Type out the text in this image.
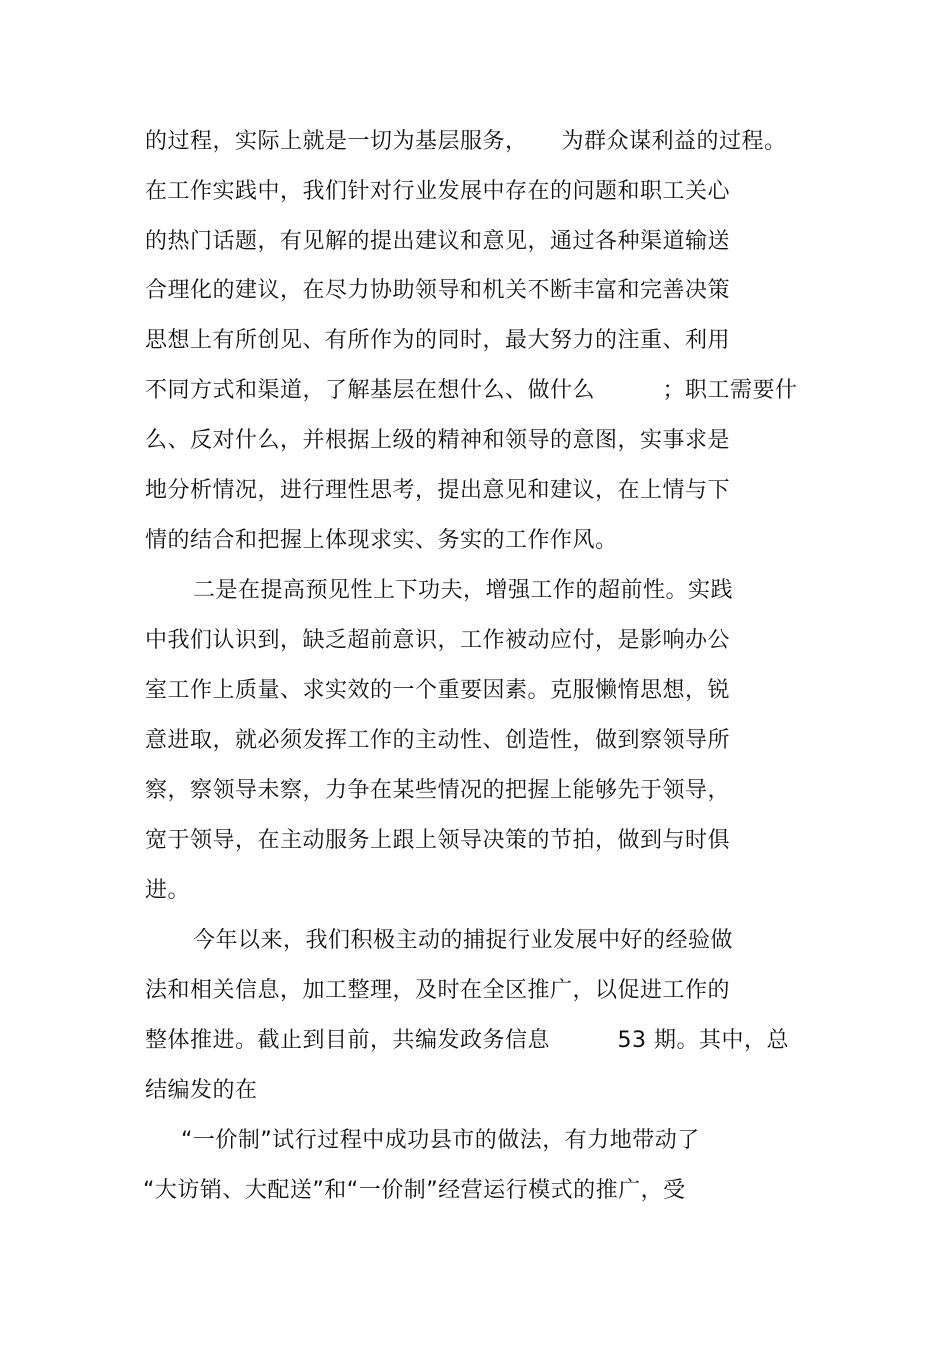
的过程，实际上就是一切为基层服务，　　为群众谋利益的过程。
在工作实践中，我们针对行业发展中存在的问题和职工关心
的热门话题，有见解的提出建议和意见，通过各种渠道输送
合理化的建议，在尽力协助领导和机关不断丰富和完善决策
思想上有所创见、有所作为的同时，最大努力的注重、利用
不同方式和渠道，了解基层在想什么、做什么　　　；职工需要什
么、反对什么，并根据上级的精神和领导的意图，实事求是
地分析情况，进行理性思考，提出意见和建议，在上情与下
情的结合和把握上体现求实、务实的工作作风。
二是在提高预见性上下功夫，增强工作的超前性。实践
中我们认识到，缺乏超前意识，工作被动应付，是影响办公
室工作上质量、求实效的一个重要因素。克服懒惰思想，锐
意进取，就必须发挥工作的主动性、创造性，做到察领导所
察，察领导未察，力争在某些情况的把握上能够先于领导，
宽于领导，在主动服务上跟上领导决策的节拍，做到与时俱
进。
今年以来，我们积极主动的捕捉行业发展中好的经验做
法和相关信息，加工整理，及时在全区推广，以促进工作的
整体推进。截止到目前，共编发政务信息　　　53 期。其中，总
结编发的在
“一价制”试行过程中成功县市的做法，有力地带动了
“大访销、大配送”和“一价制”经营运行模式的推广，受
